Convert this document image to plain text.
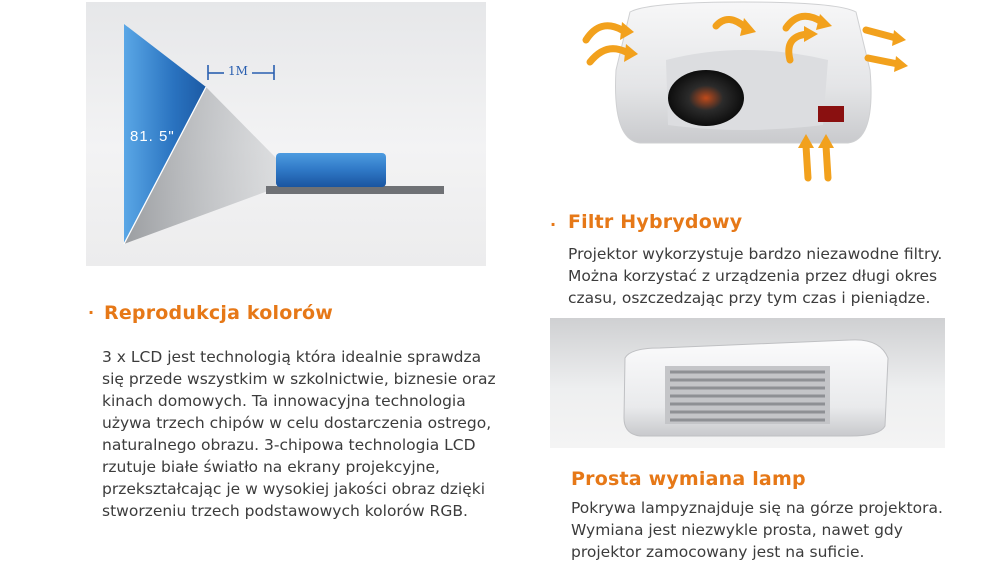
1M
81. 5"
· Reprodukcja kolorów
3 x LCD jest technologią która idealnie sprawdza
się przede wszystkim w szkolnictwie, biznesie oraz
kinach domowych. Ta innowacyjna technologia
używa trzech chipów w celu dostarczenia ostrego,
naturalnego obrazu. 3-chipowa technologia LCD
rzutuje białe światło na ekrany projekcyjne,
przekształcając je w wysokiej jakości obraz dzięki
stworzeniu trzech podstawowych kolorów RGB.
· Filtr Hybrydowy
Projektor wykorzystuje bardzo niezawodne filtry.
Można korzystać z urządzenia przez długi okres
czasu, oszczedzając przy tym czas i pieniądze.
Prosta wymiana lamp
Pokrywa lampyznajduje się na górze projektora.
Wymiana jest niezwykle prosta, nawet gdy
projektor zamocowany jest na suficie.
